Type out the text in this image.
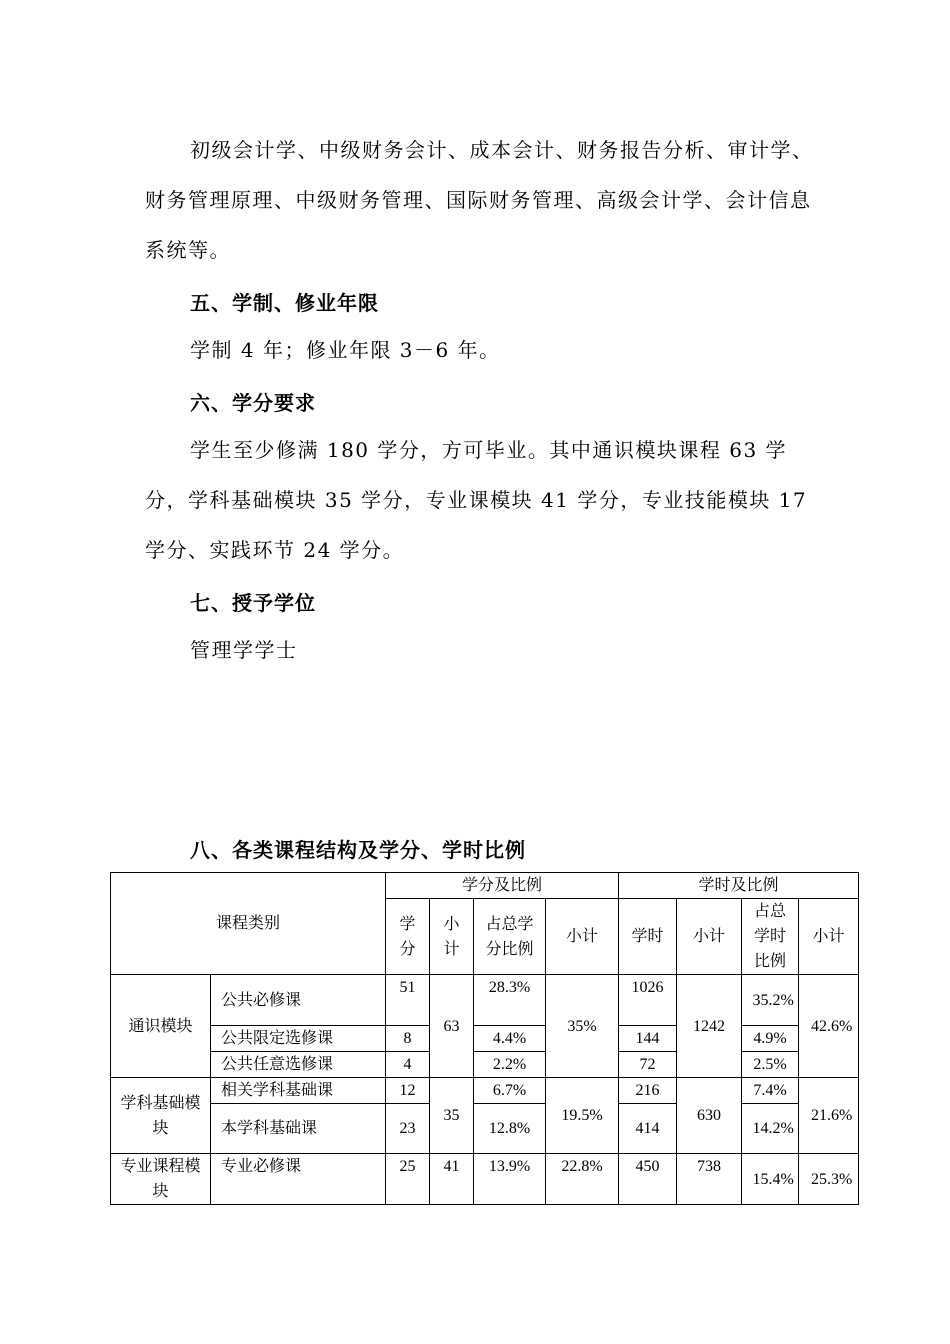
初级会计学、中级财务会计、成本会计、财务报告分析、审计学、财务管理原理、中级财务管理、国际财务管理、高级会计学、会计信息系统等。

五、学制、修业年限

学制 4 年；修业年限 3－6 年。

六、学分要求

学生至少修满 180 学分，方可毕业。其中通识模块课程 63 学分，学科基础模块 35 学分，专业课模块 41 学分，专业技能模块 17 学分、实践环节 24 学分。

七、授予学位

管理学学士

八、各类课程结构及学分、学时比例
课程类别		学分及比例				学时及比例			

		学分	小计	占总学分比例	小计	学时	小计	占总学时比例	小计
通识模块	公共必修课	51	63	28.3%	35%	1026	1242	35.2%	42.6%

	公共限定选修课	8		4.4%		144		4.9%	
	公共任意选修课	4		2.2%		72		2.5%	

学科基础模块	相关学科基础课	12	35	6.7%	19.5%	216	630	7.4%	21.6%

	本学科基础课	23		12.8%		414		14.2%	

专业课程模块	专业必修课	25	41	13.9%	22.8%	450	738	15.4%	25.3%
